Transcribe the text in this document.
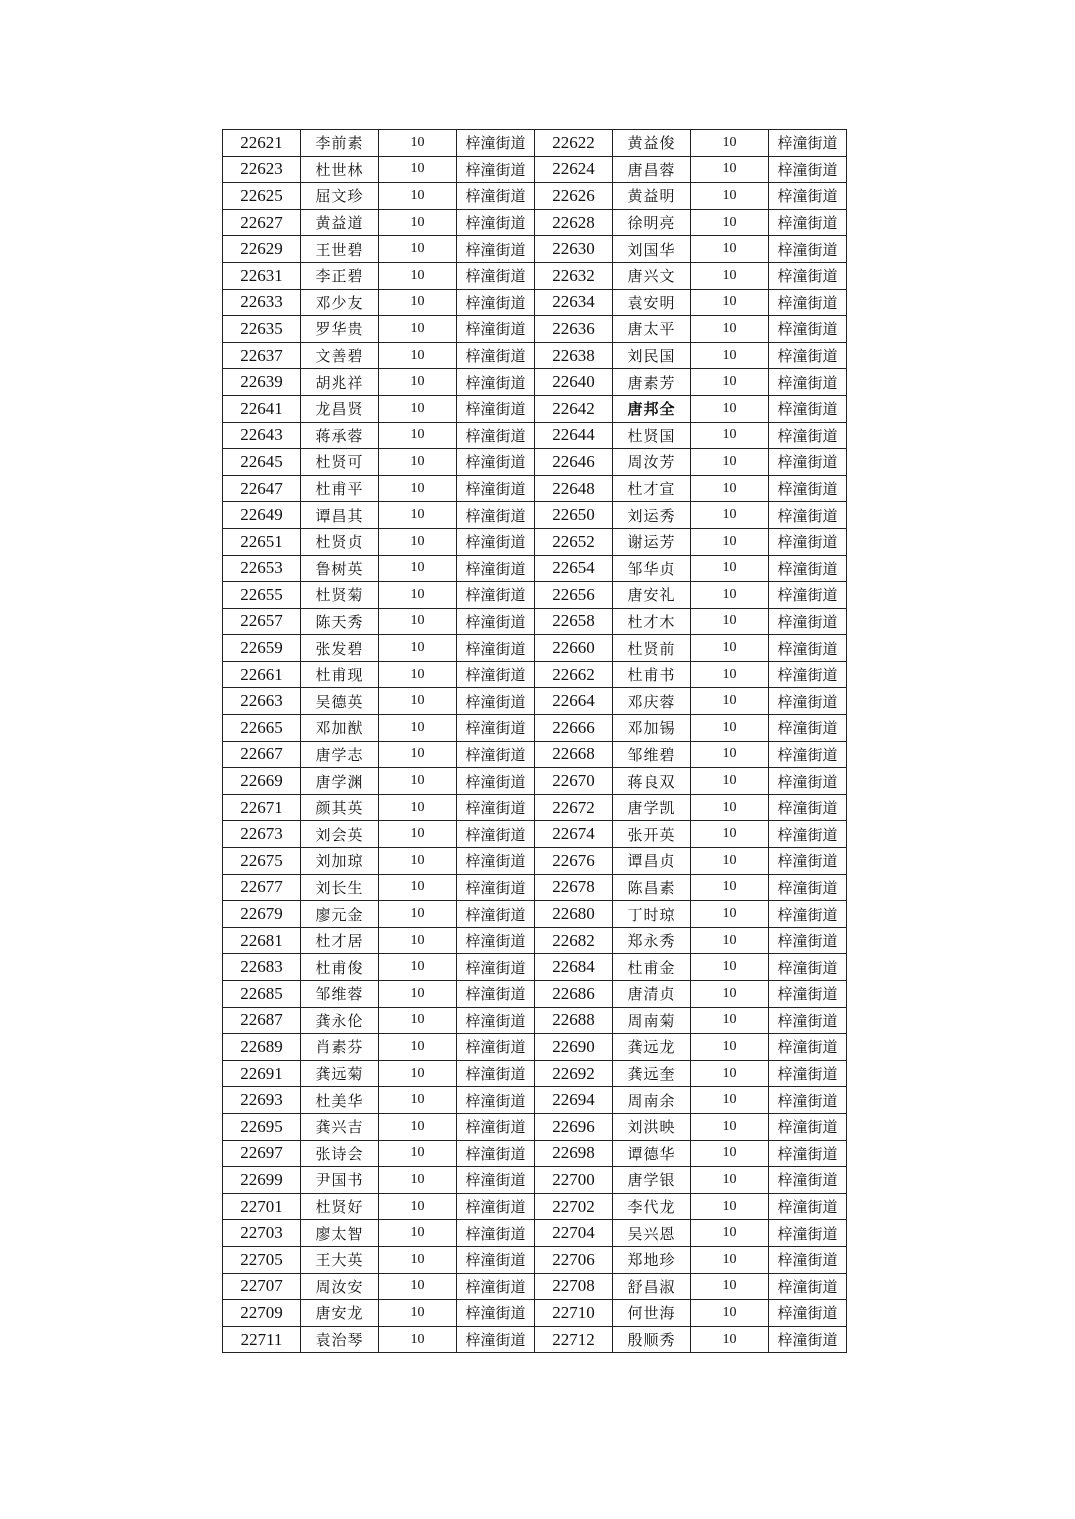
22621	李前素	10	梓潼街道	22622	黄益俊	10	梓潼街道
22623	杜世林	10	梓潼街道	22624	唐昌蓉	10	梓潼街道
22625	屈文珍	10	梓潼街道	22626	黄益明	10	梓潼街道
22627	黄益道	10	梓潼街道	22628	徐明亮	10	梓潼街道
22629	王世碧	10	梓潼街道	22630	刘国华	10	梓潼街道
22631	李正碧	10	梓潼街道	22632	唐兴文	10	梓潼街道
22633	邓少友	10	梓潼街道	22634	袁安明	10	梓潼街道
22635	罗华贵	10	梓潼街道	22636	唐太平	10	梓潼街道
22637	文善碧	10	梓潼街道	22638	刘民国	10	梓潼街道
22639	胡兆祥	10	梓潼街道	22640	唐素芳	10	梓潼街道
22641	龙昌贤	10	梓潼街道	22642	唐邦全	10	梓潼街道
22643	蒋承蓉	10	梓潼街道	22644	杜贤国	10	梓潼街道
22645	杜贤可	10	梓潼街道	22646	周汝芳	10	梓潼街道
22647	杜甫平	10	梓潼街道	22648	杜才宣	10	梓潼街道
22649	谭昌其	10	梓潼街道	22650	刘运秀	10	梓潼街道
22651	杜贤贞	10	梓潼街道	22652	谢运芳	10	梓潼街道
22653	鲁树英	10	梓潼街道	22654	邹华贞	10	梓潼街道
22655	杜贤菊	10	梓潼街道	22656	唐安礼	10	梓潼街道
22657	陈天秀	10	梓潼街道	22658	杜才木	10	梓潼街道
22659	张发碧	10	梓潼街道	22660	杜贤前	10	梓潼街道
22661	杜甫现	10	梓潼街道	22662	杜甫书	10	梓潼街道
22663	吴德英	10	梓潼街道	22664	邓庆蓉	10	梓潼街道
22665	邓加猷	10	梓潼街道	22666	邓加锡	10	梓潼街道
22667	唐学志	10	梓潼街道	22668	邹维碧	10	梓潼街道
22669	唐学渊	10	梓潼街道	22670	蒋良双	10	梓潼街道
22671	颜其英	10	梓潼街道	22672	唐学凯	10	梓潼街道
22673	刘会英	10	梓潼街道	22674	张开英	10	梓潼街道
22675	刘加琼	10	梓潼街道	22676	谭昌贞	10	梓潼街道
22677	刘长生	10	梓潼街道	22678	陈昌素	10	梓潼街道
22679	廖元金	10	梓潼街道	22680	丁时琼	10	梓潼街道
22681	杜才居	10	梓潼街道	22682	郑永秀	10	梓潼街道
22683	杜甫俊	10	梓潼街道	22684	杜甫金	10	梓潼街道
22685	邹维蓉	10	梓潼街道	22686	唐清贞	10	梓潼街道
22687	龚永伦	10	梓潼街道	22688	周南菊	10	梓潼街道
22689	肖素芬	10	梓潼街道	22690	龚远龙	10	梓潼街道
22691	龚远菊	10	梓潼街道	22692	龚远奎	10	梓潼街道
22693	杜美华	10	梓潼街道	22694	周南余	10	梓潼街道
22695	龚兴吉	10	梓潼街道	22696	刘洪映	10	梓潼街道
22697	张诗会	10	梓潼街道	22698	谭德华	10	梓潼街道
22699	尹国书	10	梓潼街道	22700	唐学银	10	梓潼街道
22701	杜贤好	10	梓潼街道	22702	李代龙	10	梓潼街道
22703	廖太智	10	梓潼街道	22704	吴兴恩	10	梓潼街道
22705	王大英	10	梓潼街道	22706	郑地珍	10	梓潼街道
22707	周汝安	10	梓潼街道	22708	舒昌淑	10	梓潼街道
22709	唐安龙	10	梓潼街道	22710	何世海	10	梓潼街道
22711	袁治琴	10	梓潼街道	22712	殷顺秀	10	梓潼街道
